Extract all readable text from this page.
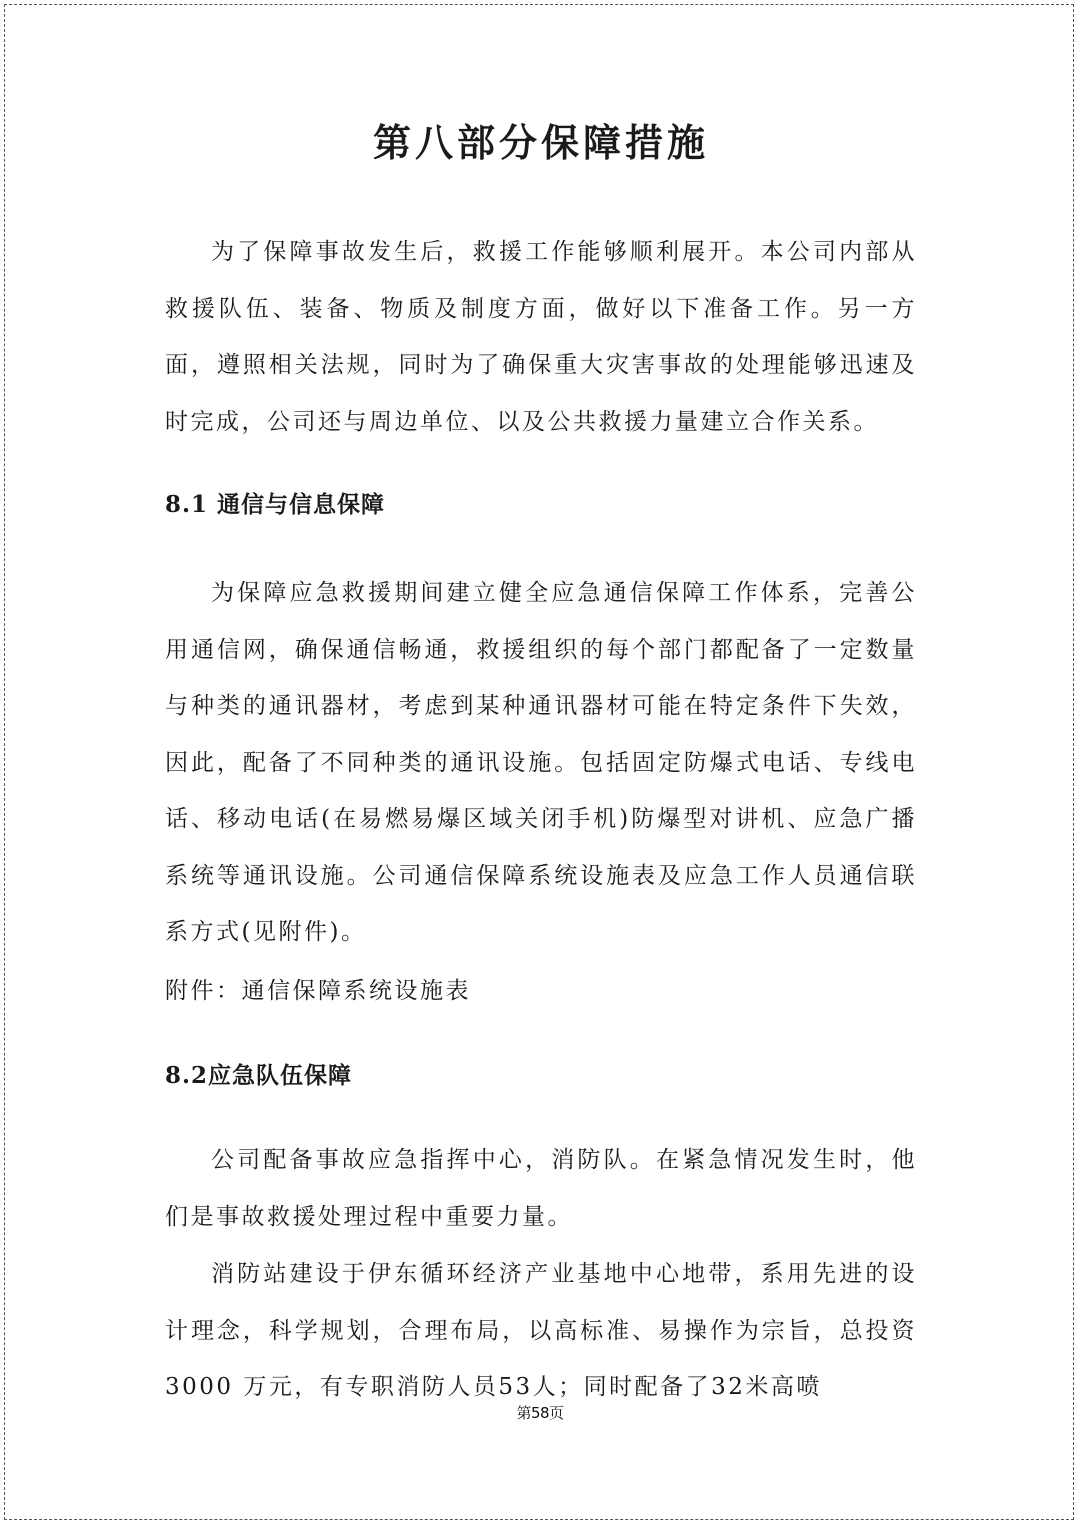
第八部分保障措施

为了保障事故发生后，救援工作能够顺利展开。本公司内部从救援队伍、装备、物质及制度方面，做好以下准备工作。另一方面，遵照相关法规，同时为了确保重大灾害事故的处理能够迅速及时完成，公司还与周边单位、以及公共救援力量建立合作关系。

8.1 通信与信息保障

为保障应急救援期间建立健全应急通信保障工作体系，完善公用通信网，确保通信畅通，救援组织的每个部门都配备了一定数量与种类的通讯器材，考虑到某种通讯器材可能在特定条件下失效，因此，配备了不同种类的通讯设施。包括固定防爆式电话、专线电话、移动电话(在易燃易爆区域关闭手机)防爆型对讲机、应急广播系统等通讯设施。公司通信保障系统设施表及应急工作人员通信联系方式(见附件)。

附件：通信保障系统设施表

8.2应急队伍保障

公司配备事故应急指挥中心，消防队。在紧急情况发生时，他们是事故救援处理过程中重要力量。

消防站建设于伊东循环经济产业基地中心地带，系用先进的设计理念，科学规划，合理布局，以高标准、易操作为宗旨，总投资3000 万元，有专职消防人员53人；同时配备了32米高喷

第58页
